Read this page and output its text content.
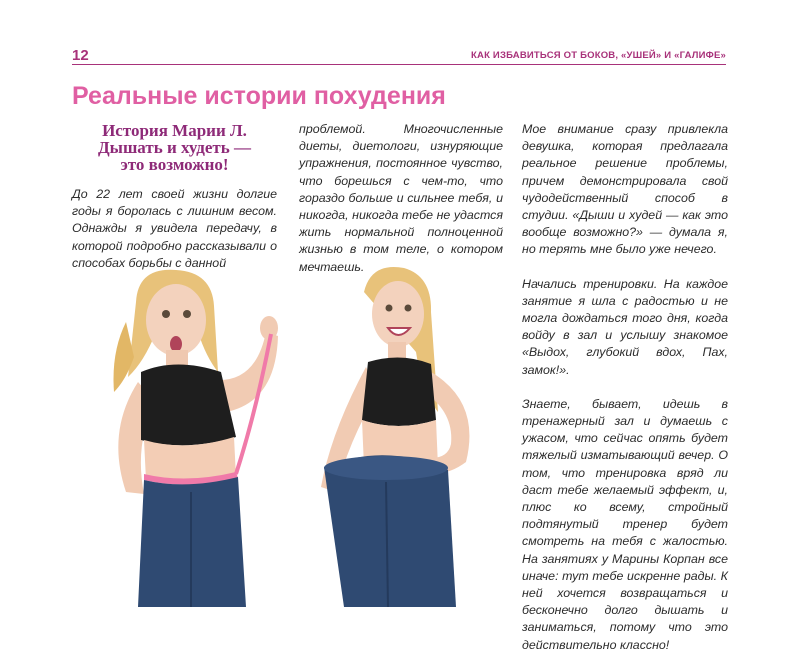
12	КАК ИЗБАВИТЬСЯ ОТ БОКОВ, «УШЕЙ» И «ГАЛИФЕ»
Реальные истории похудения
История Марии Л.
Дышать и худеть —
это возможно!
До 22 лет своей жизни долгие годы я боролась с лишним весом. Однажды я увидела передачу, в которой подробно рассказывали о способах борьбы с данной
проблемой. Многочисленные диеты, диетологи, изнуряющие упражнения, постоянное чувство, что борешься с чем-то, что гораздо больше и сильнее тебя, и никогда, никогда тебе не удастся жить нормальной полноценной жизнью в том теле, о котором мечтаешь.

Мое внимание сразу привлекла девушка, которая предлагала реальное решение проблемы, причем демонстрировала свой чудодейственный способ в студии. «Дыши и худей — как это вообще возможно?» — думала я, но терять мне было уже нечего.

Начались тренировки. На каждое занятие я шла с радостью и не могла дождаться того дня, когда войду в зал и услышу знакомое «Выдох, глубокий вдох, Пах, замок!».

Знаете, бывает, идешь в тренажерный зал и думаешь с ужасом, что сейчас опять будет тяжелый изматывающий вечер. О том, что тренировка вряд ли даст тебе желаемый эффект, и, плюс ко всему, стройный подтянутый тренер будет смотреть на тебя с жалостью. На занятиях у Марины Корпан все иначе: тут тебе искренне рады. К ней хочется возвращаться и бесконечно долго дышать и заниматься, потому что это действительно классно!
